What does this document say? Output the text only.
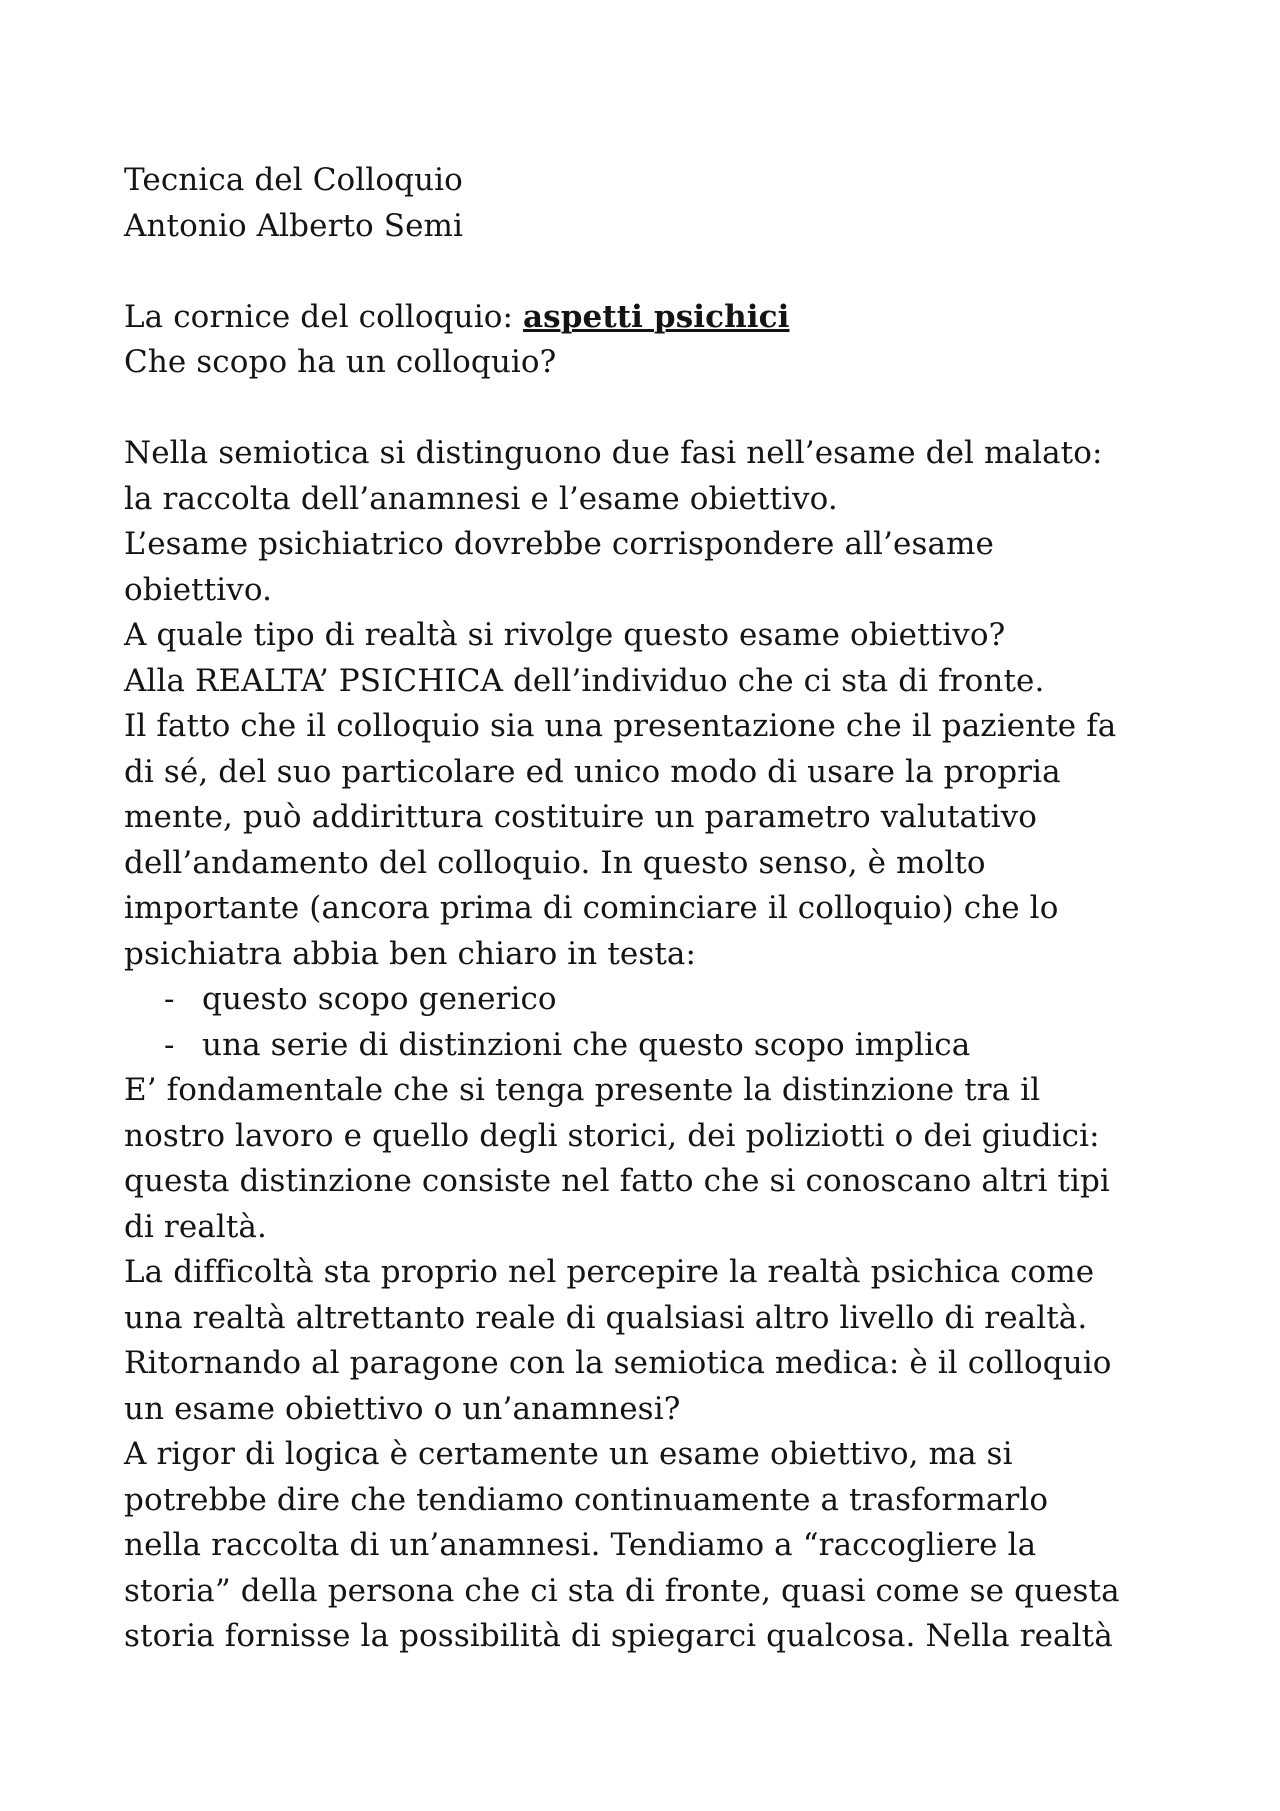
Tecnica del Colloquio
Antonio Alberto Semi
La cornice del colloquio: aspetti psichici
Che scopo ha un colloquio?
Nella semiotica si distinguono due fasi nell’esame del malato:
la raccolta dell’anamnesi e l’esame obiettivo.
L’esame psichiatrico dovrebbe corrispondere all’esame
obiettivo.
A quale tipo di realtà si rivolge questo esame obiettivo?
Alla REALTA’ PSICHICA dell’individuo che ci sta di fronte.
Il fatto che il colloquio sia una presentazione che il paziente fa
di sé, del suo particolare ed unico modo di usare la propria
mente, può addirittura costituire un parametro valutativo
dell’andamento del colloquio. In questo senso, è molto
importante (ancora prima di cominciare il colloquio) che lo
psichiatra abbia ben chiaro in testa:
- questo scopo generico
- una serie di distinzioni che questo scopo implica
E’ fondamentale che si tenga presente la distinzione tra il
nostro lavoro e quello degli storici, dei poliziotti o dei giudici:
questa distinzione consiste nel fatto che si conoscano altri tipi
di realtà.
La difficoltà sta proprio nel percepire la realtà psichica come
una realtà altrettanto reale di qualsiasi altro livello di realtà.
Ritornando al paragone con la semiotica medica: è il colloquio
un esame obiettivo o un’anamnesi?
A rigor di logica è certamente un esame obiettivo, ma si
potrebbe dire che tendiamo continuamente a trasformarlo
nella raccolta di un’anamnesi. Tendiamo a “raccogliere la
storia” della persona che ci sta di fronte, quasi come se questa
storia fornisse la possibilità di spiegarci qualcosa. Nella realtà
